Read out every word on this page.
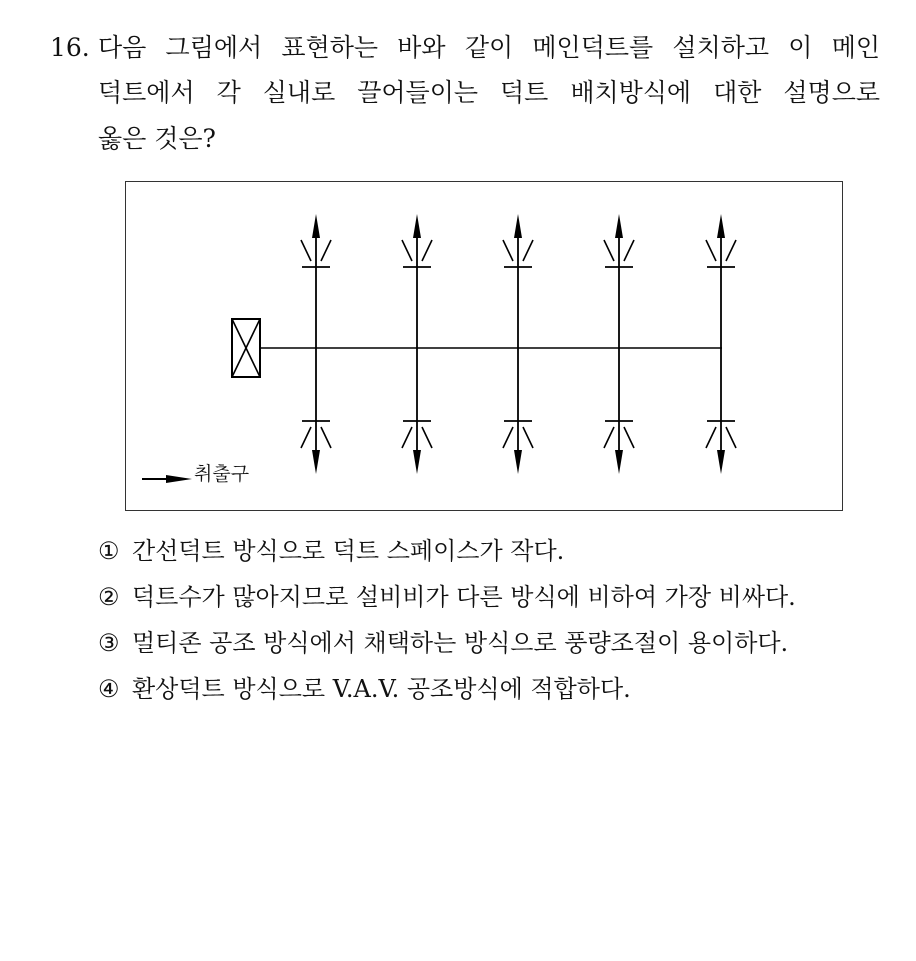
16. 다음 그림에서 표현하는 바와 같이 메인덕트를 설치하고 이 메인
덕트에서 각 실내로 끌어들이는 덕트 배치방식에 대한 설명으로
옳은 것은?
취출구
① 간선덕트 방식으로 덕트 스페이스가 작다.
② 덕트수가 많아지므로 설비비가 다른 방식에 비하여 가장 비싸다.
③ 멀티존 공조 방식에서 채택하는 방식으로 풍량조절이 용이하다.
④ 환상덕트 방식으로 V.A.V. 공조방식에 적합하다.
